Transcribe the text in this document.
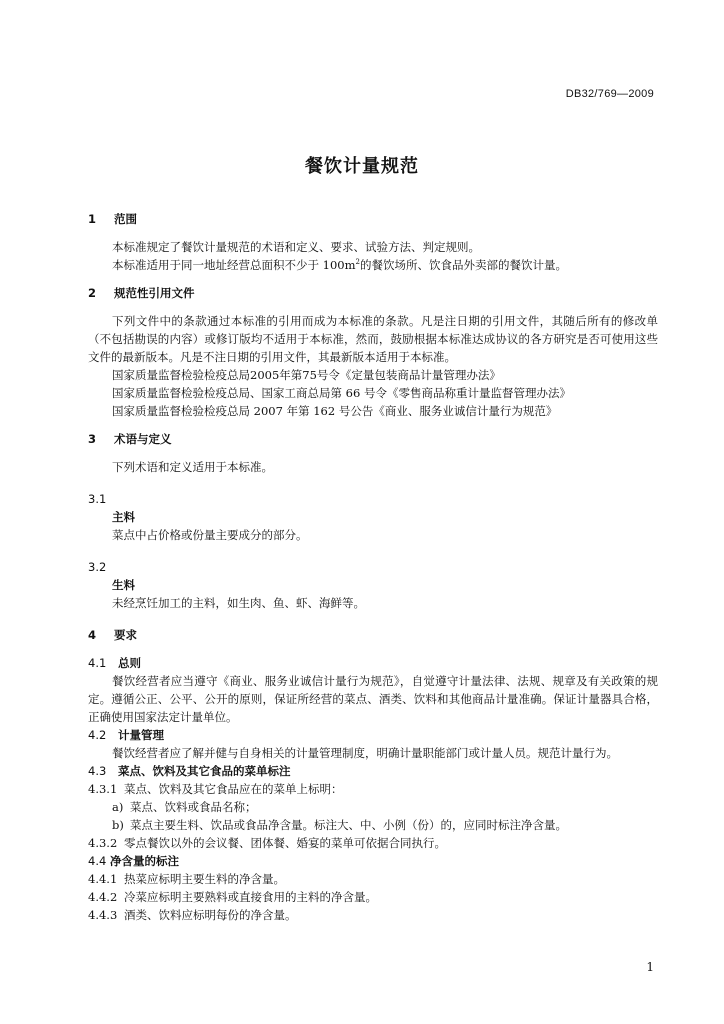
DB32/769—2009
餐饮计量规范
1	范围

本标准规定了餐饮计量规范的术语和定义、要求、试验方法、判定规则。

本标准适用于同一地址经营总面积不少于 $100m^2$的餐饮场所、饮食品外卖部的餐饮计量。

2	规范性引用文件

下列文件中的条款通过本标准的引用而成为本标准的条款。凡是注日期的引用文件，其随后所有的修改单（不包括勘误的内容）或修订版均不适用于本标准，然而，鼓励根据本标准达成协议的各方研究是否可使用这些文件的最新版本。凡是不注日期的引用文件，其最新版本适用于本标准。

国家质量监督检验检疫总局2005年第75号令《定量包装商品计量管理办法》
国家质量监督检验检疫总局、国家工商总局第 66 号令《零售商品称重计量监督管理办法》
国家质量监督检验检疫总局 2007 年第 162 号公告《商业、服务业诚信计量行为规范》
3	术语与定义

下列术语和定义适用于本标准。

3.1
主料

菜点中占价格或份量主要成分的部分。

3.2
生料

未经烹饪加工的主料，如生肉、鱼、虾、海鲜等。

4	要求
4.1	总则

餐饮经营者应当遵守《商业、服务业诚信计量行为规范》，自觉遵守计量法律、法规、规章及有关政策的规定。遵循公正、公平、公开的原则，保证所经营的菜点、酒类、饮料和其他商品计量准确。保证计量器具合格，正确使用国家法定计量单位。

4.2	计量管理

餐饮经营者应了解并健与自身相关的计量管理制度，明确计量职能部门或计量人员。规范计量行为。

4.3	菜点、饮料及其它食品的菜单标注
4.3.1 菜点、饮料及其它食品应在的菜单上标明：
a) 菜点、饮料或食品名称；
b) 菜点主要生料、饮品或食品净含量。标注大、中、小例（份）的，应同时标注净含量。
4.3.2 零点餐饮以外的会议餐、团体餐、婚宴的菜单可依据合同执行。
4.4 净含量的标注
4.4.1 热菜应标明主要生料的净含量。
4.4.2 冷菜应标明主要熟料或直接食用的主料的净含量。
4.4.3 酒类、饮料应标明每份的净含量。
1
